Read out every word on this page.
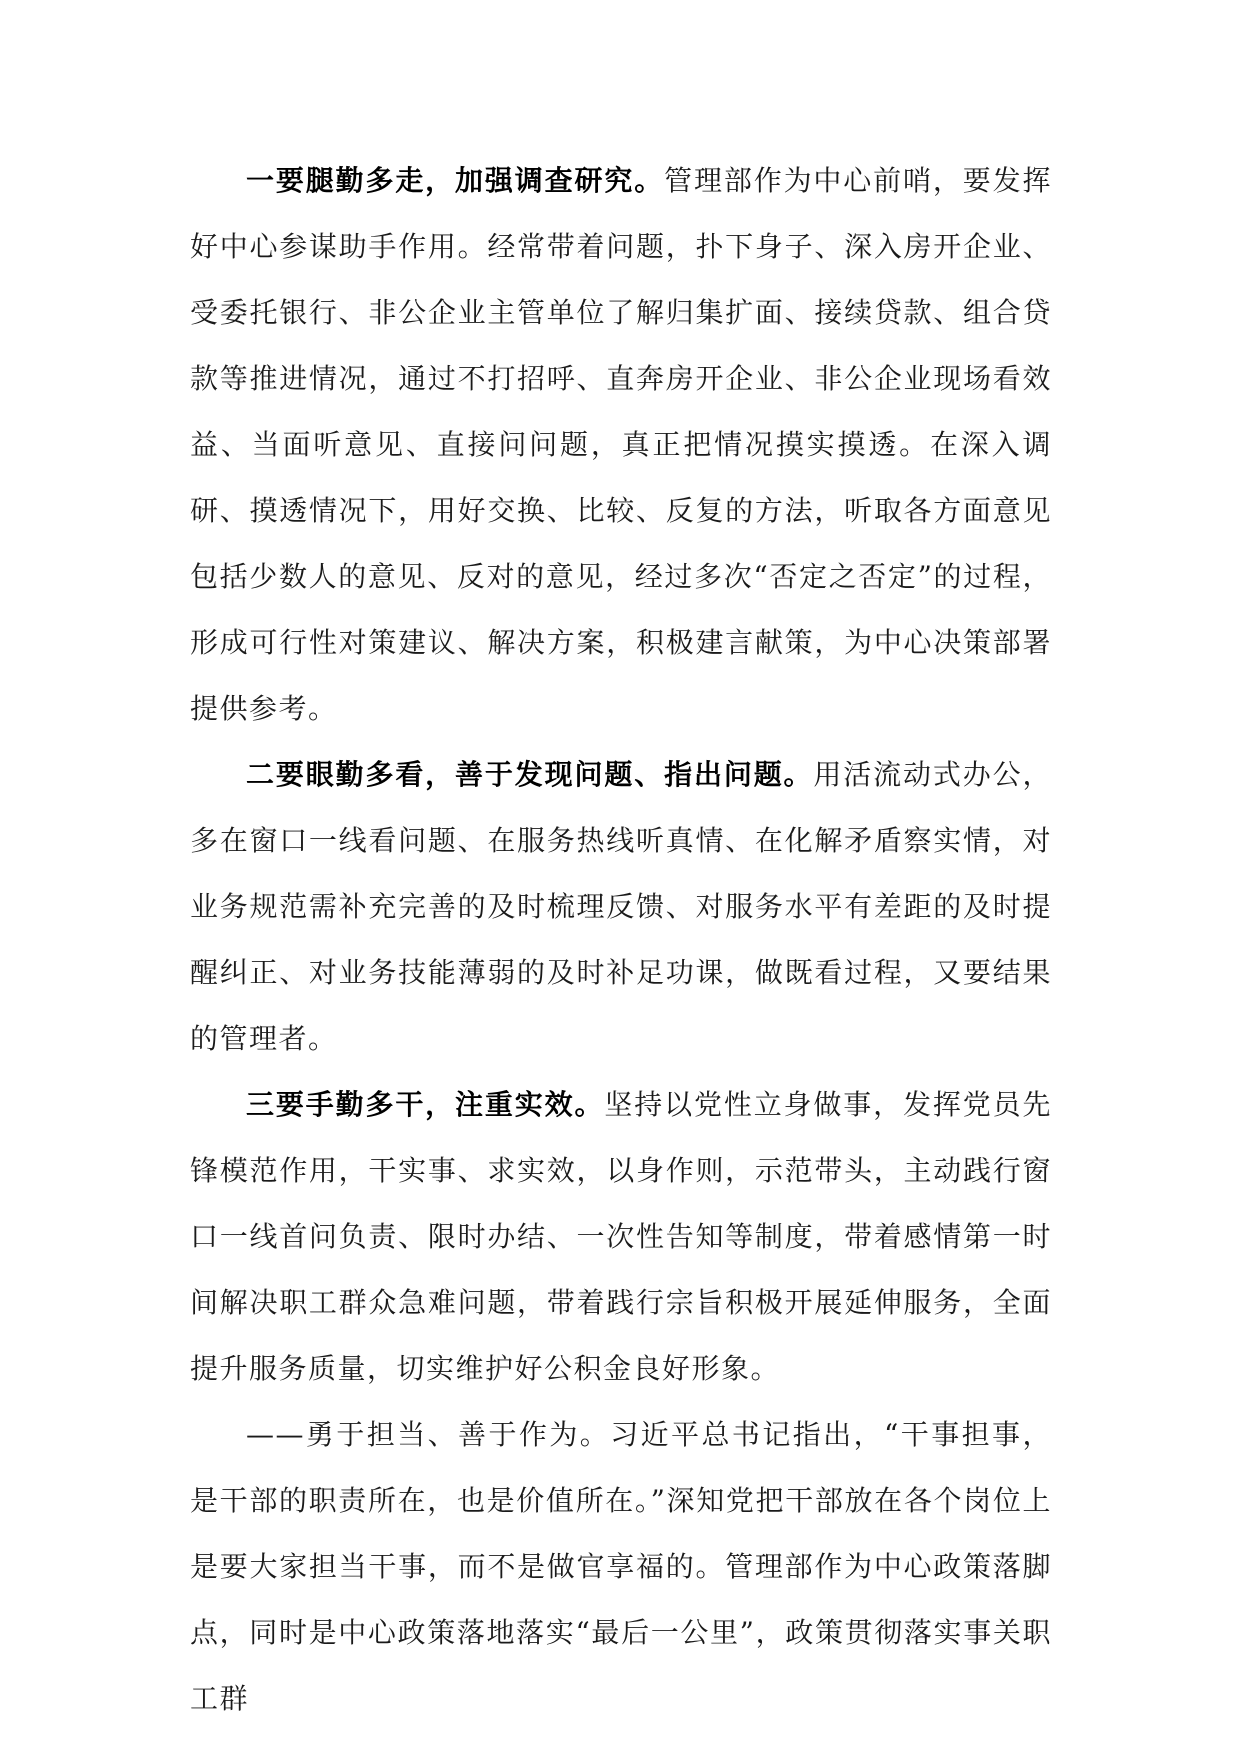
一要腿勤多走，加强调查研究。管理部作为中心前哨，要发挥好中心参谋助手作用。经常带着问题，扑下身子、深入房开企业、受委托银行、非公企业主管单位了解归集扩面、接续贷款、组合贷款等推进情况，通过不打招呼、直奔房开企业、非公企业现场看效益、当面听意见、直接问问题，真正把情况摸实摸透。在深入调研、摸透情况下，用好交换、比较、反复的方法，听取各方面意见包括少数人的意见、反对的意见，经过多次“否定之否定”的过程，形成可行性对策建议、解决方案，积极建言献策，为中心决策部署提供参考。

二要眼勤多看，善于发现问题、指出问题。用活流动式办公，多在窗口一线看问题、在服务热线听真情、在化解矛盾察实情，对业务规范需补充完善的及时梳理反馈、对服务水平有差距的及时提醒纠正、对业务技能薄弱的及时补足功课，做既看过程，又要结果的管理者。

三要手勤多干，注重实效。坚持以党性立身做事，发挥党员先锋模范作用，干实事、求实效，以身作则，示范带头，主动践行窗口一线首问负责、限时办结、一次性告知等制度，带着感情第一时间解决职工群众急难问题，带着践行宗旨积极开展延伸服务，全面提升服务质量，切实维护好公积金良好形象。

——勇于担当、善于作为。习近平总书记指出，“干事担事，是干部的职责所在，也是价值所在。”深知党把干部放在各个岗位上是要大家担当干事，而不是做官享福的。管理部作为中心政策落脚点，同时是中心政策落地落实“最后一公里”，政策贯彻落实事关职工群
